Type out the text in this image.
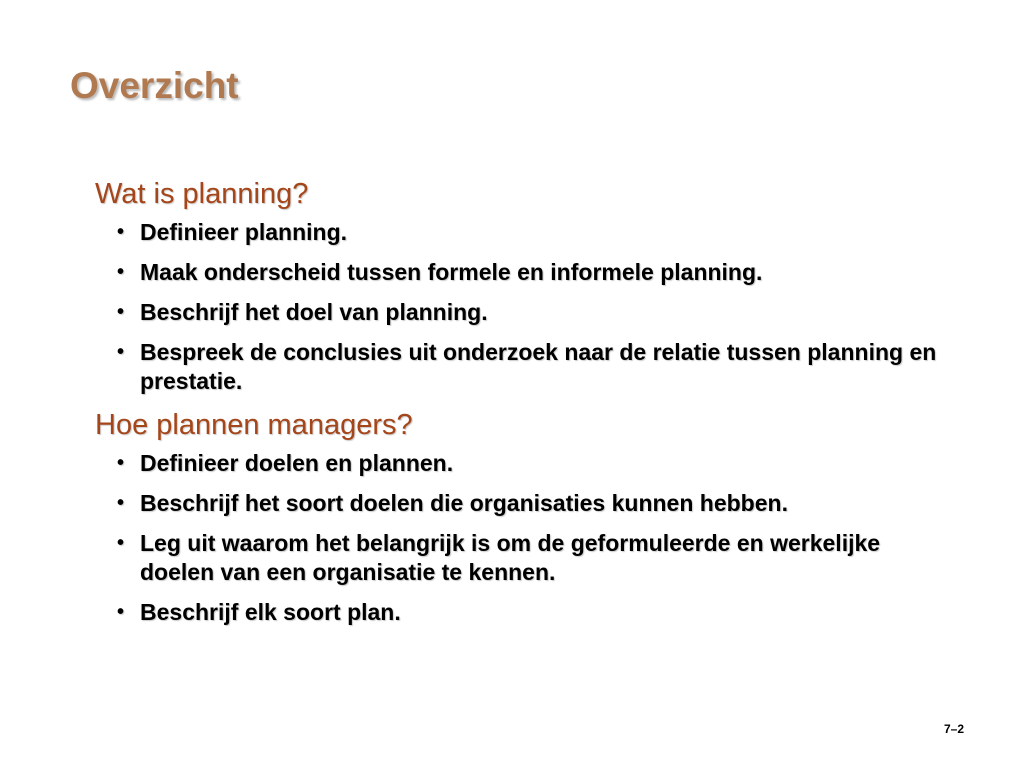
Overzicht
Wat is planning?
• Definieer planning.
• Maak onderscheid tussen formele en informele planning.
• Beschrijf het doel van planning.
• Bespreek de conclusies uit onderzoek naar de relatie tussen planning en prestatie.
Hoe plannen managers?
• Definieer doelen en plannen.
• Beschrijf het soort doelen die organisaties kunnen hebben.
• Leg uit waarom het belangrijk is om de geformuleerde en werkelijke doelen van een organisatie te kennen.
• Beschrijf elk soort plan.
7–2
